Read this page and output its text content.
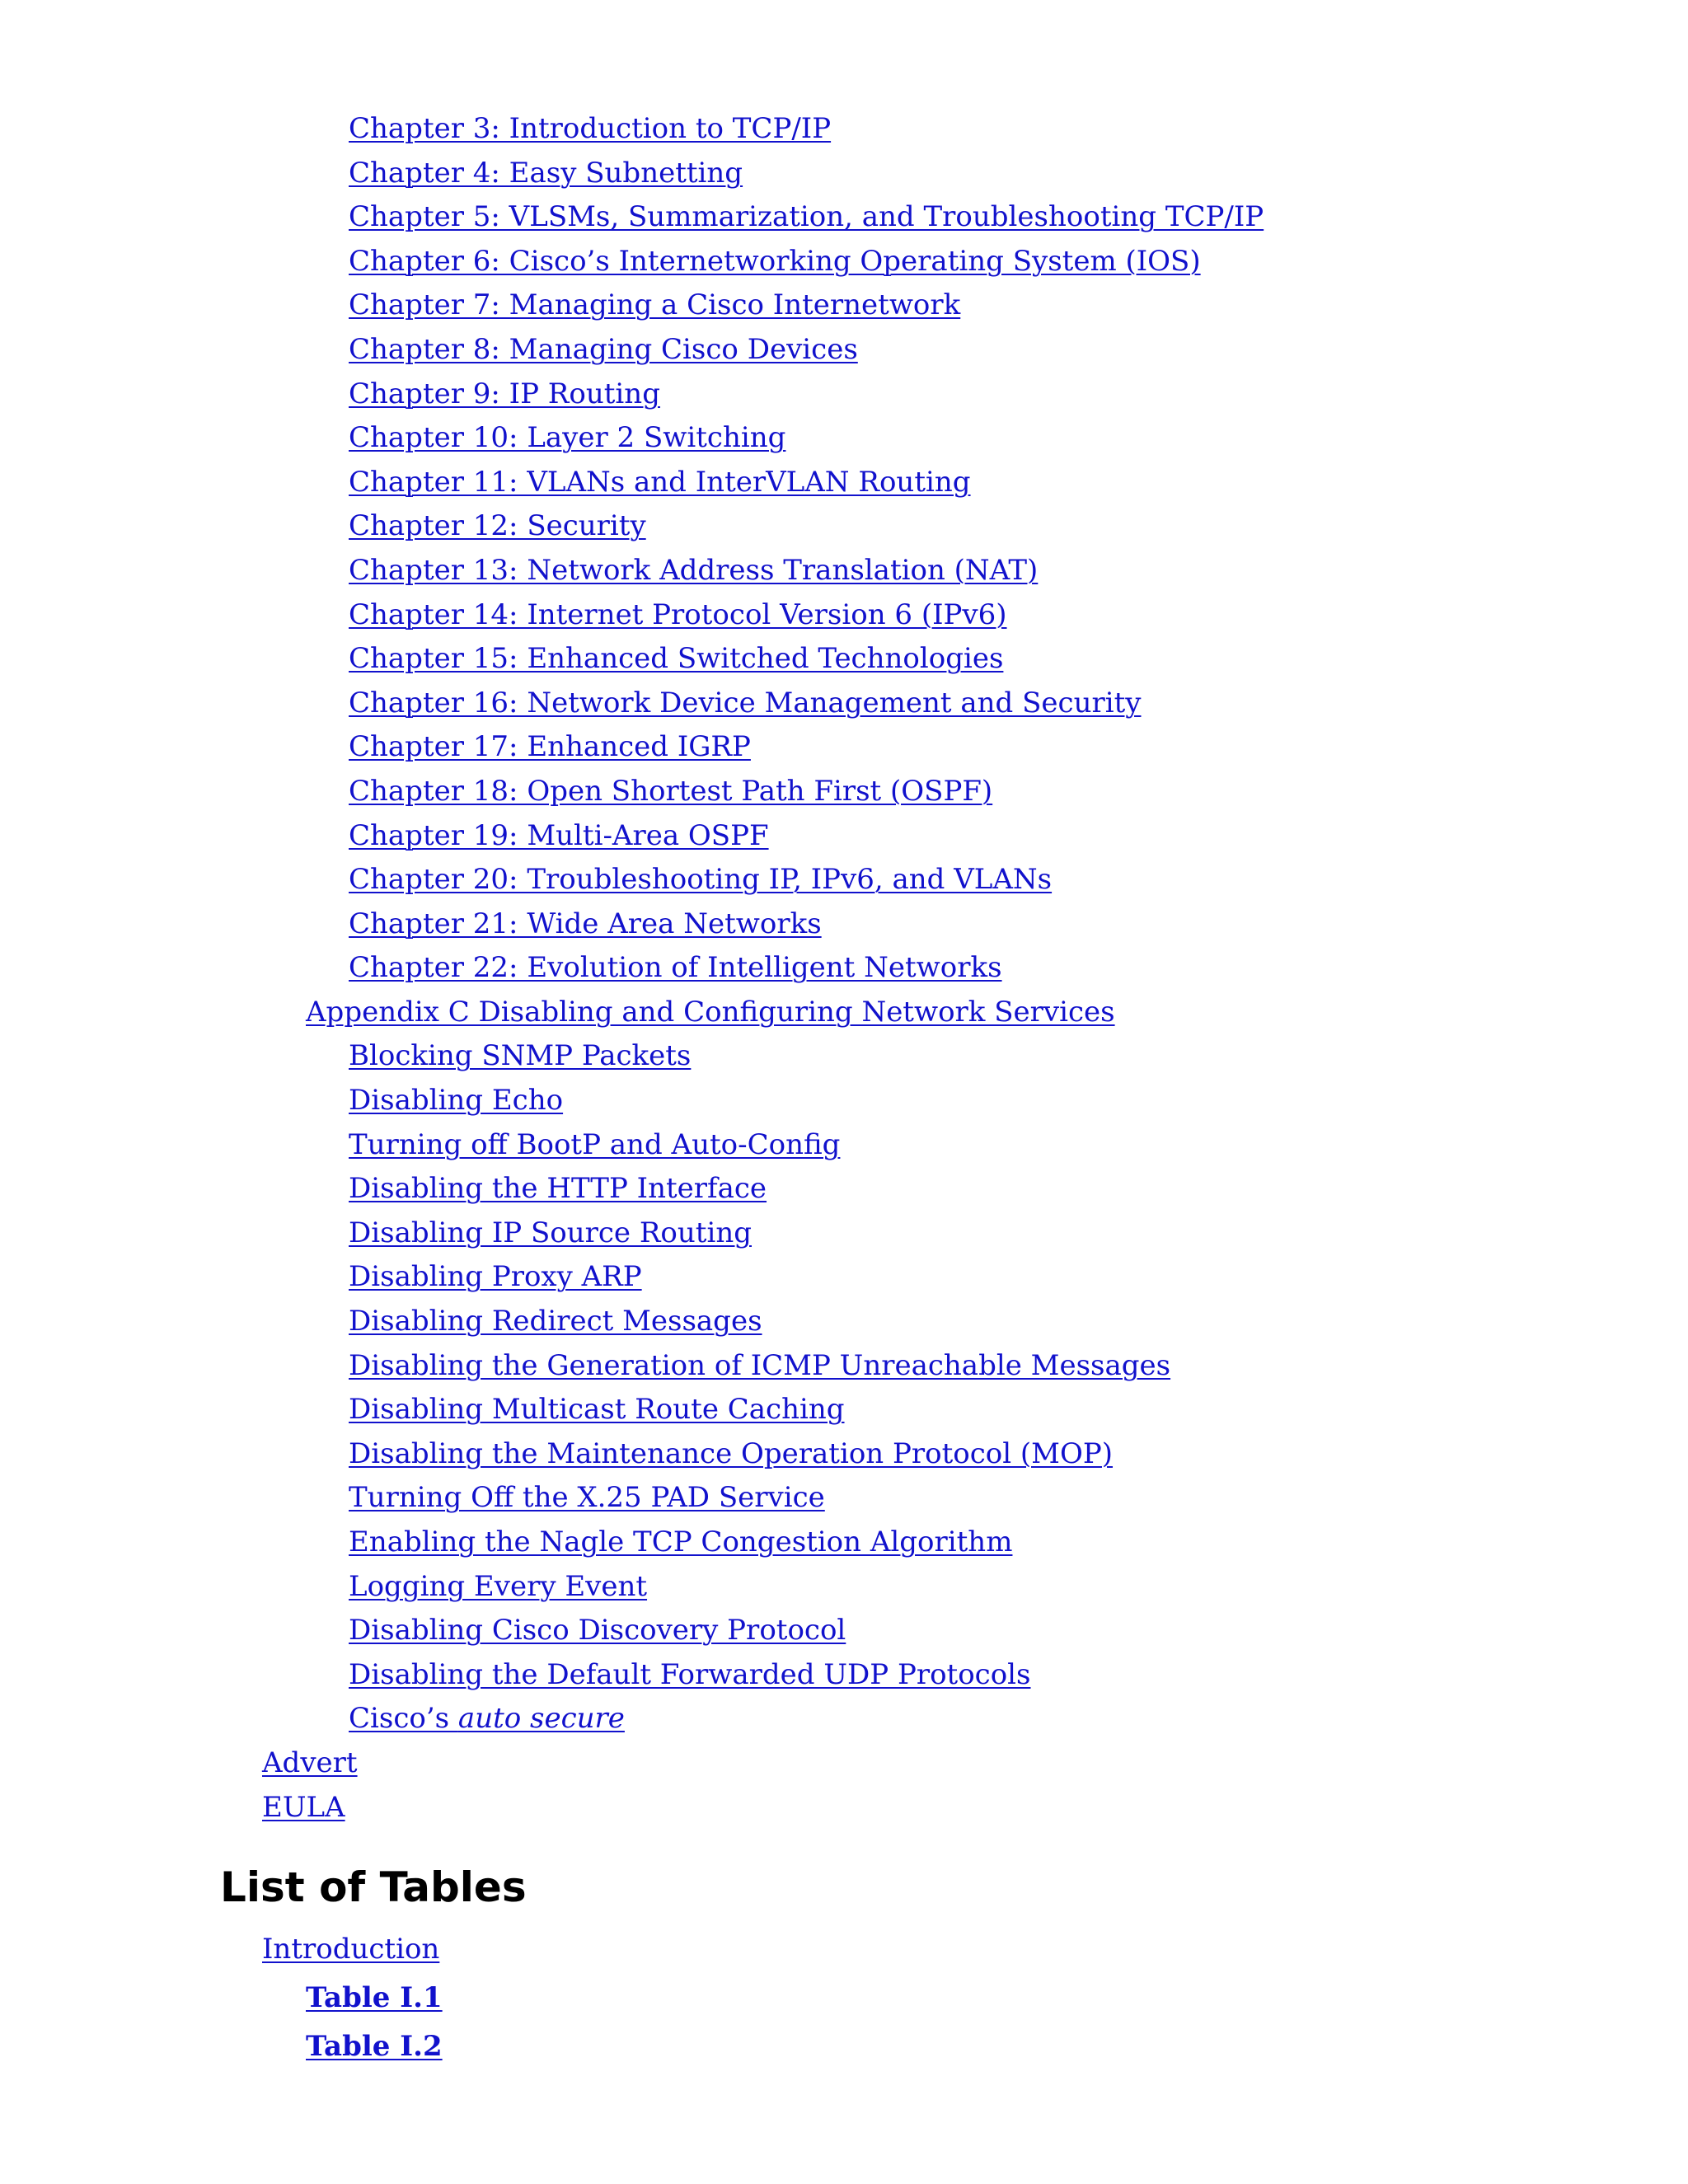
Chapter 3: Introduction to TCP/IP
Chapter 4: Easy Subnetting
Chapter 5: VLSMs, Summarization, and Troubleshooting TCP/IP
Chapter 6: Cisco’s Internetworking Operating System (IOS)
Chapter 7: Managing a Cisco Internetwork
Chapter 8: Managing Cisco Devices
Chapter 9: IP Routing
Chapter 10: Layer 2 Switching
Chapter 11: VLANs and InterVLAN Routing
Chapter 12: Security
Chapter 13: Network Address Translation (NAT)
Chapter 14: Internet Protocol Version 6 (IPv6)
Chapter 15: Enhanced Switched Technologies
Chapter 16: Network Device Management and Security
Chapter 17: Enhanced IGRP
Chapter 18: Open Shortest Path First (OSPF)
Chapter 19: Multi-Area OSPF
Chapter 20: Troubleshooting IP, IPv6, and VLANs
Chapter 21: Wide Area Networks
Chapter 22: Evolution of Intelligent Networks
Appendix C Disabling and Configuring Network Services
Blocking SNMP Packets
Disabling Echo
Turning off BootP and Auto-Config
Disabling the HTTP Interface
Disabling IP Source Routing
Disabling Proxy ARP
Disabling Redirect Messages
Disabling the Generation of ICMP Unreachable Messages
Disabling Multicast Route Caching
Disabling the Maintenance Operation Protocol (MOP)
Turning Off the X.25 PAD Service
Enabling the Nagle TCP Congestion Algorithm
Logging Every Event
Disabling Cisco Discovery Protocol
Disabling the Default Forwarded UDP Protocols
Cisco’s auto secure
Advert
EULA
List of Tables
Introduction
Table I.1
Table I.2
